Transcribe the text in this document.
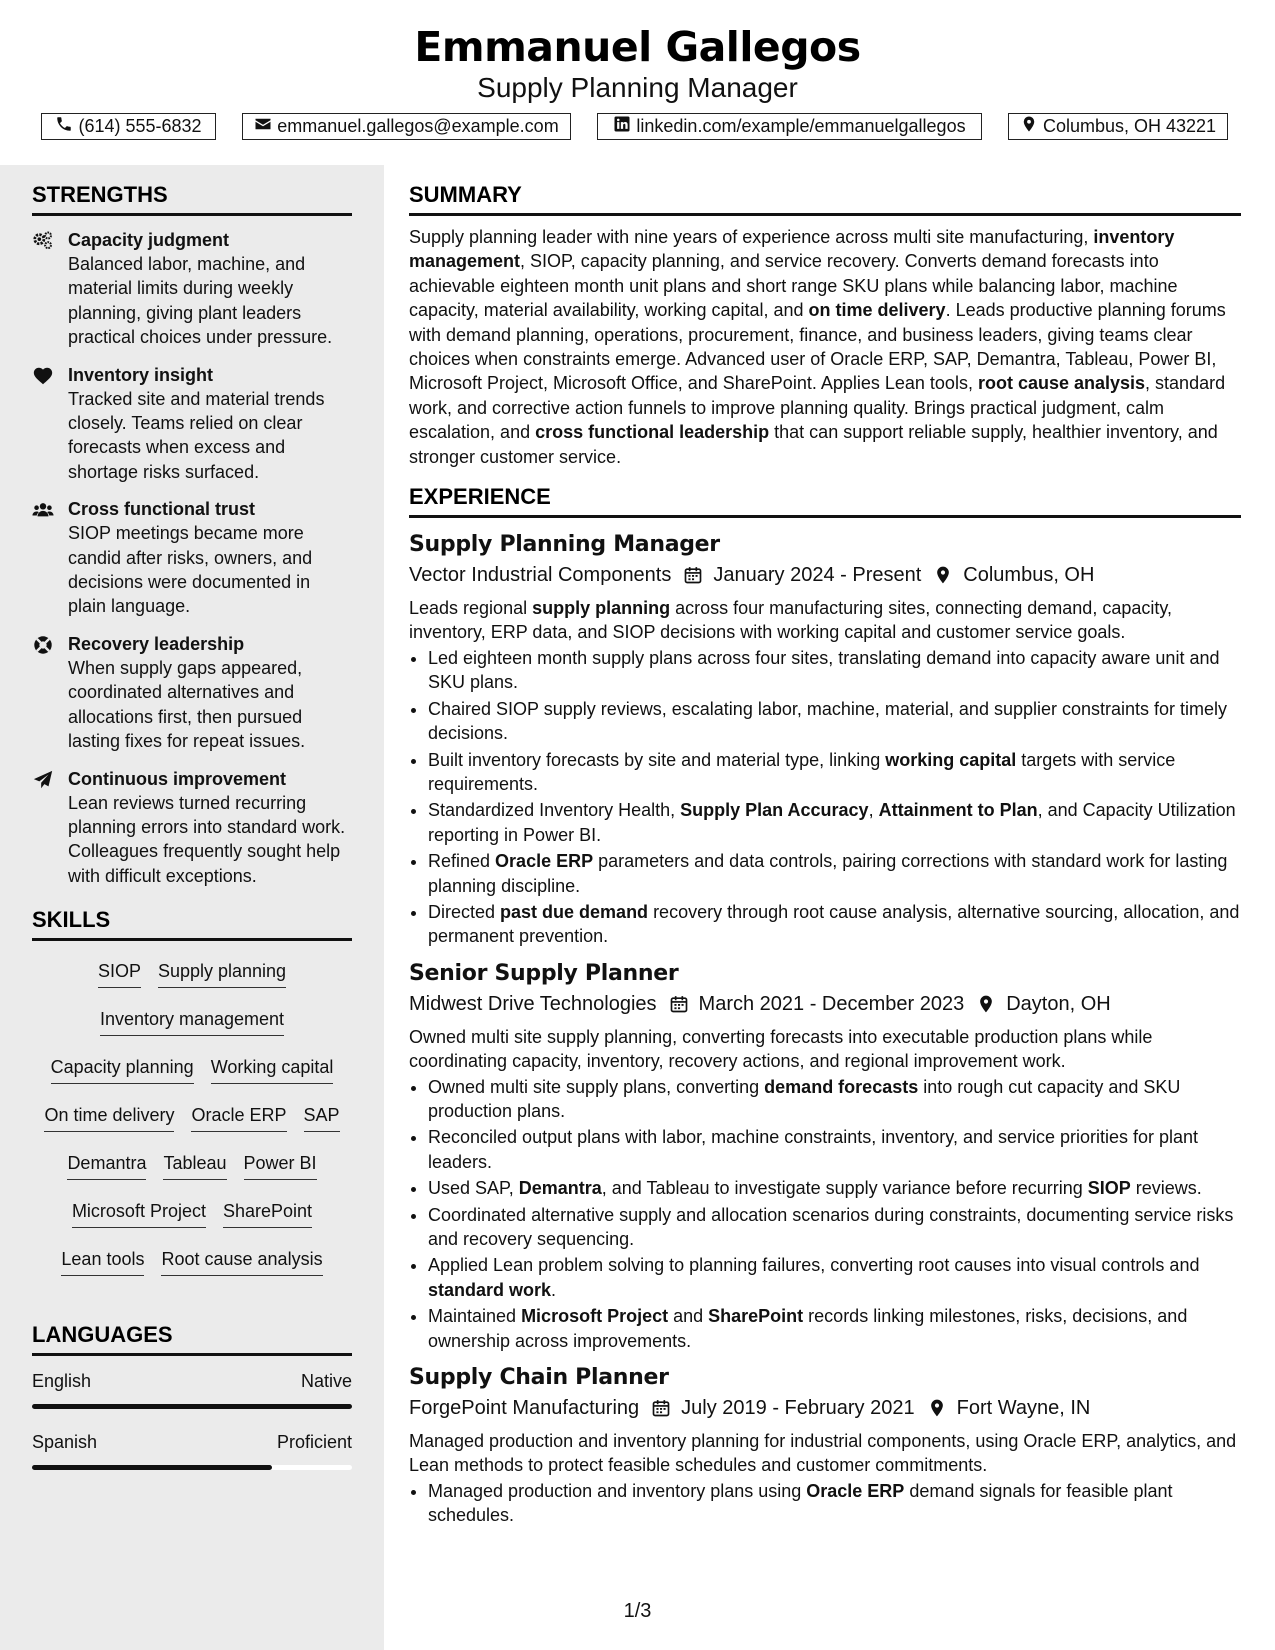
Emmanuel Gallegos
Supply Planning Manager
(614) 555-6832	emmanuel.gallegos@example.com	linkedin.com/example/emmanuelgallegos	Columbus, OH 43221
STRENGTHS
Capacity judgment
Balanced labor, machine, and material limits during weekly planning, giving plant leaders practical choices under pressure.
Inventory insight
Tracked site and material trends closely. Teams relied on clear forecasts when excess and shortage risks surfaced.
Cross functional trust
SIOP meetings became more candid after risks, owners, and decisions were documented in plain language.
Recovery leadership
When supply gaps appeared, coordinated alternatives and allocations first, then pursued lasting fixes for repeat issues.
Continuous improvement
Lean reviews turned recurring planning errors into standard work. Colleagues frequently sought help with difficult exceptions.
SKILLS
SIOP Supply planning
Inventory management
Capacity planning Working capital
On time delivery Oracle ERP SAP
Demantra Tableau Power BI
Microsoft Project SharePoint
Lean tools Root cause analysis
LANGUAGES
English	Native
Spanish	Proficient
SUMMARY
Supply planning leader with nine years of experience across multi site manufacturing, inventory management, SIOP, capacity planning, and service recovery. Converts demand forecasts into achievable eighteen month unit plans and short range SKU plans while balancing labor, machine capacity, material availability, working capital, and on time delivery. Leads productive planning forums with demand planning, operations, procurement, finance, and business leaders, giving teams clear choices when constraints emerge. Advanced user of Oracle ERP, SAP, Demantra, Tableau, Power BI, Microsoft Project, Microsoft Office, and SharePoint. Applies Lean tools, root cause analysis, standard work, and corrective action funnels to improve planning quality. Brings practical judgment, calm escalation, and cross functional leadership that can support reliable supply, healthier inventory, and stronger customer service.
EXPERIENCE
Supply Planning Manager
Vector Industrial Components January 2024 - Present Columbus, OH
Leads regional supply planning across four manufacturing sites, connecting demand, capacity, inventory, ERP data, and SIOP decisions with working capital and customer service goals.
• Led eighteen month supply plans across four sites, translating demand into capacity aware unit and SKU plans.
• Chaired SIOP supply reviews, escalating labor, machine, material, and supplier constraints for timely decisions.
• Built inventory forecasts by site and material type, linking working capital targets with service requirements.
• Standardized Inventory Health, Supply Plan Accuracy, Attainment to Plan, and Capacity Utilization reporting in Power BI.
• Refined Oracle ERP parameters and data controls, pairing corrections with standard work for lasting planning discipline.
• Directed past due demand recovery through root cause analysis, alternative sourcing, allocation, and permanent prevention.
Senior Supply Planner
Midwest Drive Technologies March 2021 - December 2023 Dayton, OH
Owned multi site supply planning, converting forecasts into executable production plans while coordinating capacity, inventory, recovery actions, and regional improvement work.
• Owned multi site supply plans, converting demand forecasts into rough cut capacity and SKU production plans.
• Reconciled output plans with labor, machine constraints, inventory, and service priorities for plant leaders.
• Used SAP, Demantra, and Tableau to investigate supply variance before recurring SIOP reviews.
• Coordinated alternative supply and allocation scenarios during constraints, documenting service risks and recovery sequencing.
• Applied Lean problem solving to planning failures, converting root causes into visual controls and standard work.
• Maintained Microsoft Project and SharePoint records linking milestones, risks, decisions, and ownership across improvements.
Supply Chain Planner
ForgePoint Manufacturing July 2019 - February 2021 Fort Wayne, IN
Managed production and inventory planning for industrial components, using Oracle ERP, analytics, and Lean methods to protect feasible schedules and customer commitments.
• Managed production and inventory plans using Oracle ERP demand signals for feasible plant schedules.
1/3
